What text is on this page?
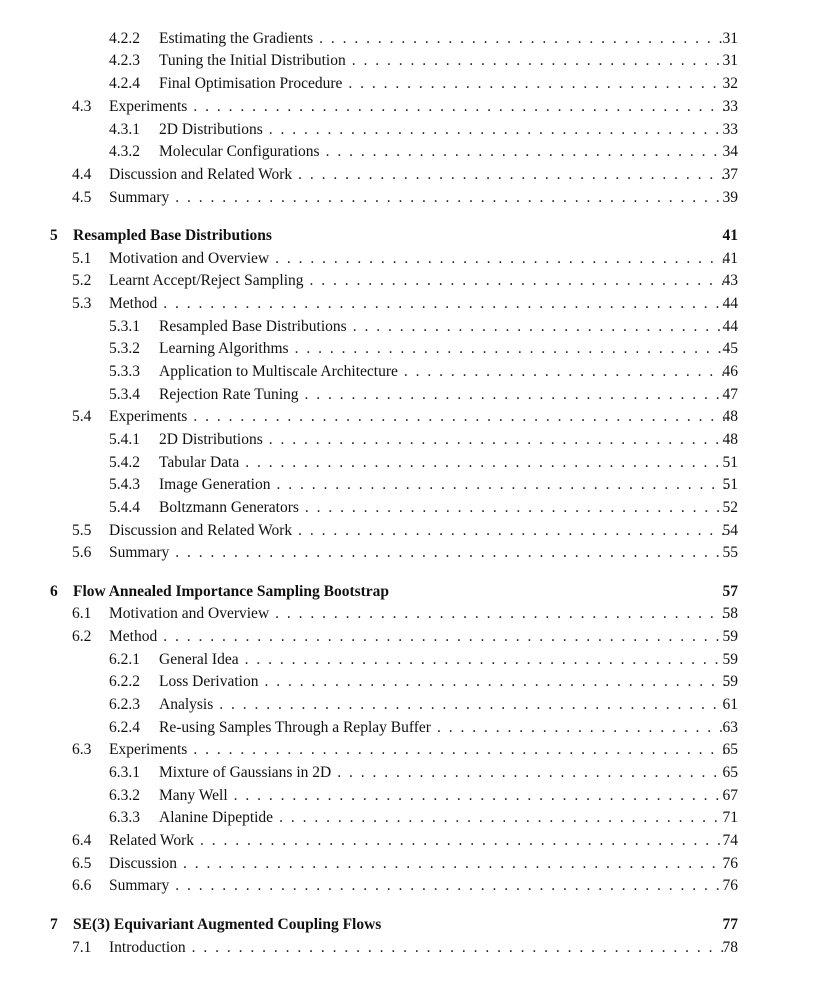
4.2.2 Estimating the Gradients . . .	31
4.2.3 Tuning the Initial Distribution . . .	31
4.2.4 Final Optimisation Procedure . . .	32
4.3 Experiments . . .	33
4.3.1 2D Distributions . . .	33
4.3.2 Molecular Configurations . . .	34
4.4 Discussion and Related Work . . .	37
4.5 Summary . . .	39
5 Resampled Base Distributions	41
5.1 Motivation and Overview . . .	41
5.2 Learnt Accept/Reject Sampling . . .	43
5.3 Method . . .	44
5.3.1 Resampled Base Distributions . . .	44
5.3.2 Learning Algorithms . . .	45
5.3.3 Application to Multiscale Architecture . . .	46
5.3.4 Rejection Rate Tuning . . .	47
5.4 Experiments . . .	48
5.4.1 2D Distributions . . .	48
5.4.2 Tabular Data . . .	51
5.4.3 Image Generation . . .	51
5.4.4 Boltzmann Generators . . .	52
5.5 Discussion and Related Work . . .	54
5.6 Summary . . .	55
6 Flow Annealed Importance Sampling Bootstrap	57
6.1 Motivation and Overview . . .	58
6.2 Method . . .	59
6.2.1 General Idea . . .	59
6.2.2 Loss Derivation . . .	59
6.2.3 Analysis . . .	61
6.2.4 Re-using Samples Through a Replay Buffer . . .	63
6.3 Experiments . . .	65
6.3.1 Mixture of Gaussians in 2D . . .	65
6.3.2 Many Well . . .	67
6.3.3 Alanine Dipeptide . . .	71
6.4 Related Work . . .	74
6.5 Discussion . . .	76
6.6 Summary . . .	76
7 SE(3) Equivariant Augmented Coupling Flows	77
7.1 Introduction . . .	78
